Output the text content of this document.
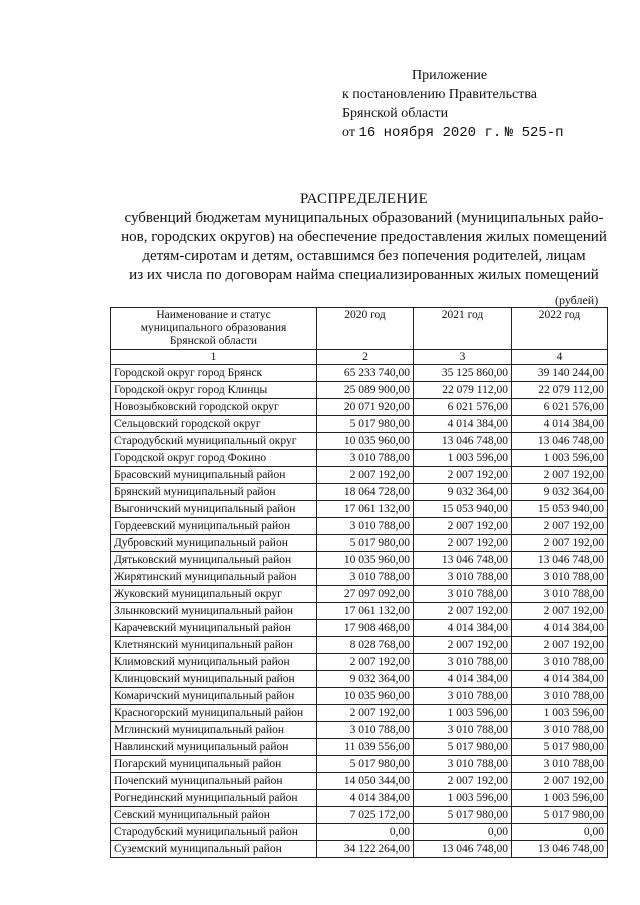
Приложение
к постановлению Правительства
Брянской области
от 16 ноября 2020 г. № 525-п
РАСПРЕДЕЛЕНИЕ
субвенций бюджетам муниципальных образований (муниципальных райо-
нов, городских округов) на обеспечение предоставления жилых помещений
детям-сиротам и детям, оставшимся без попечения родителей, лицам
из их числа по договорам найма специализированных жилых помещений
(рублей)
Наименование и статус
муниципального образования
Брянской области	2020 год	2021 год	2022 год
1	2	3	4
Городской округ город Брянск	65 233 740,00	35 125 860,00	39 140 244,00
Городской округ город Клинцы	25 089 900,00	22 079 112,00	22 079 112,00
Новозыбковский городской округ	20 071 920,00	6 021 576,00	6 021 576,00
Сельцовский городской округ	5 017 980,00	4 014 384,00	4 014 384,00
Стародубский муниципальный округ	10 035 960,00	13 046 748,00	13 046 748,00
Городской округ город Фокино	3 010 788,00	1 003 596,00	1 003 596,00
Брасовский муниципальный район	2 007 192,00	2 007 192,00	2 007 192,00
Брянский муниципальный район	18 064 728,00	9 032 364,00	9 032 364,00
Выгоничский муниципальный район	17 061 132,00	15 053 940,00	15 053 940,00
Гордеевский муниципальный район	3 010 788,00	2 007 192,00	2 007 192,00
Дубровский муниципальный район	5 017 980,00	2 007 192,00	2 007 192,00
Дятьковский муниципальный район	10 035 960,00	13 046 748,00	13 046 748,00
Жирятинский муниципальный район	3 010 788,00	3 010 788,00	3 010 788,00
Жуковский муниципальный округ	27 097 092,00	3 010 788,00	3 010 788,00
Злынковский муниципальный район	17 061 132,00	2 007 192,00	2 007 192,00
Карачевский муниципальный район	17 908 468,00	4 014 384,00	4 014 384,00
Клетнянский муниципальный район	8 028 768,00	2 007 192,00	2 007 192,00
Климовский муниципальный район	2 007 192,00	3 010 788,00	3 010 788,00
Клинцовский муниципальный район	9 032 364,00	4 014 384,00	4 014 384,00
Комаричский муниципальный район	10 035 960,00	3 010 788,00	3 010 788,00
Красногорский муниципальный район	2 007 192,00	1 003 596,00	1 003 596,00
Мглинский муниципальный район	3 010 788,00	3 010 788,00	3 010 788,00
Навлинский муниципальный район	11 039 556,00	5 017 980,00	5 017 980,00
Погарский муниципальный район	5 017 980,00	3 010 788,00	3 010 788,00
Почепский муниципальный район	14 050 344,00	2 007 192,00	2 007 192,00
Рогнединский муниципальный район	4 014 384,00	1 003 596,00	1 003 596,00
Севский муниципальный район	7 025 172,00	5 017 980,00	5 017 980,00
Стародубский муниципальный район	0,00	0,00	0,00
Суземский муниципальный район	34 122 264,00	13 046 748,00	13 046 748,00
